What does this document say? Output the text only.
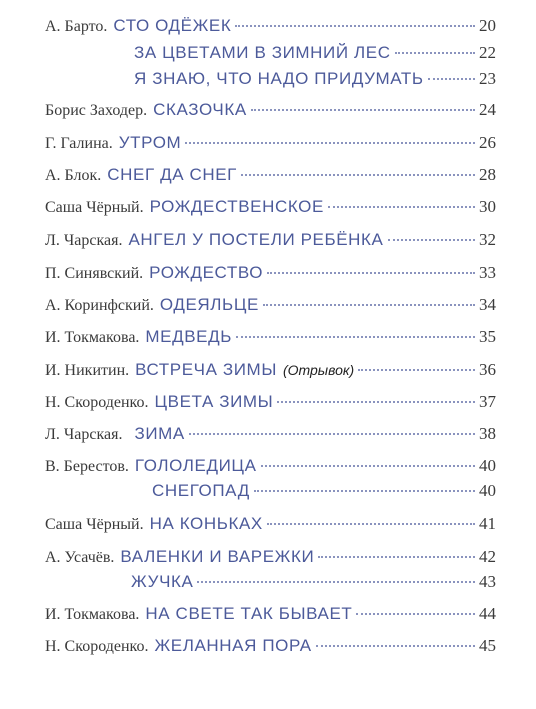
А. Барто. СТО ОДЁЖЕК	20
ЗА ЦВЕТАМИ В ЗИМНИЙ ЛЕС	22
Я ЗНАЮ, ЧТО НАДО ПРИДУМАТЬ	23
Борис Заходер. СКАЗОЧКА	24
Г. Галина. УТРОМ	26
А. Блок. СНЕГ ДА СНЕГ	28
Саша Чёрный. РОЖДЕСТВЕНСКОЕ	30
Л. Чарская. АНГЕЛ У ПОСТЕЛИ РЕБЁНКА	32
П. Синявский. РОЖДЕСТВО	33
А. Коринфский. ОДЕЯЛЬЦЕ	34
И. Токмакова. МЕДВЕДЬ	35
И. Никитин. ВСТРЕЧА ЗИМЫ (Отрывок)	36
Н. Скороденко. ЦВЕТА ЗИМЫ	37
Л. Чарская. ЗИМА	38
В. Берестов. ГОЛОЛЕДИЦА	40
СНЕГОПАД	40
Саша Чёрный. НА КОНЬКАХ	41
А. Усачёв. ВАЛЕНКИ И ВАРЕЖКИ	42
ЖУЧКА	43
И. Токмакова. НА СВЕТЕ ТАК БЫВАЕТ	44
Н. Скороденко. ЖЕЛАННАЯ ПОРА	45
